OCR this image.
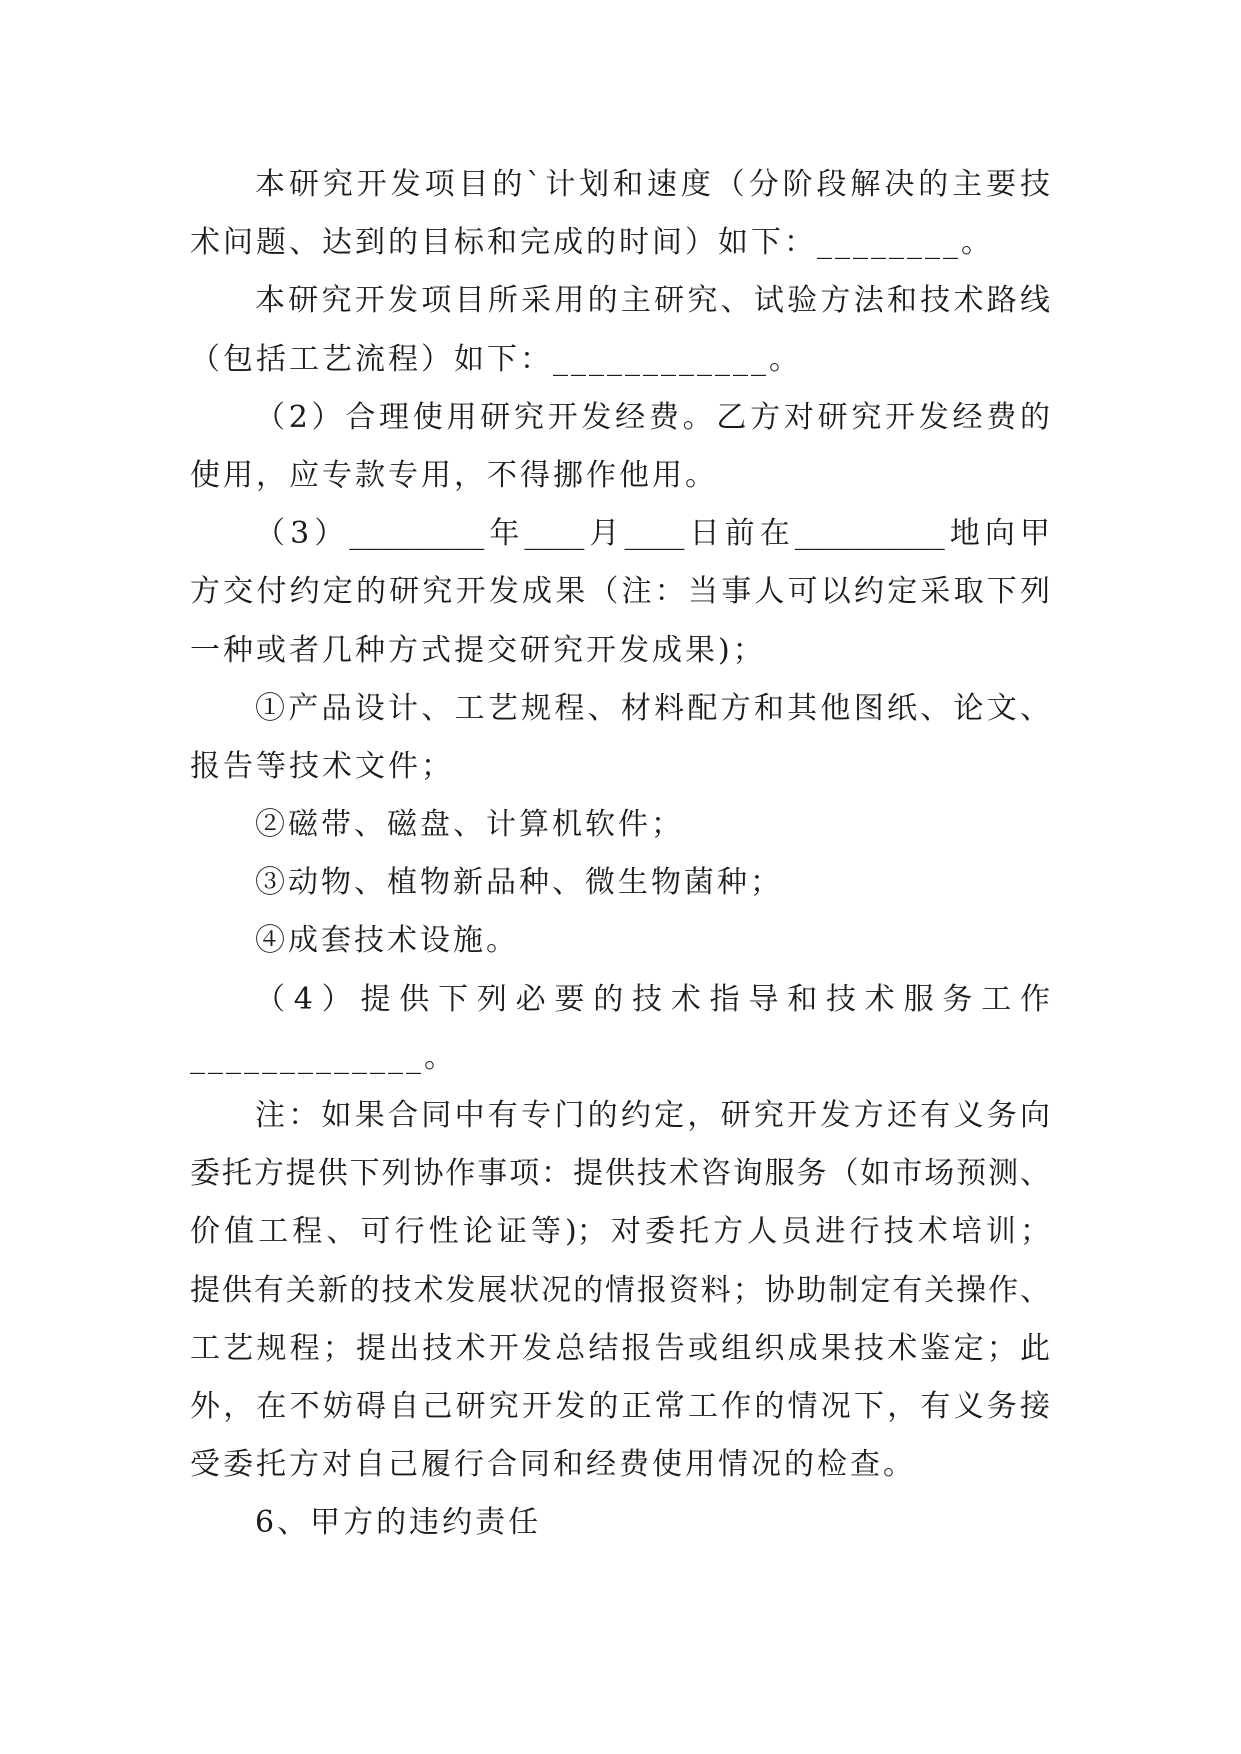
本研究开发项目的`计划和速度（分阶段解决的主要技
术问题、达到的目标和完成的时间）如下：________。
本研究开发项目所采用的主研究、试验方法和技术路线
（包括工艺流程）如下：____________。
（2）合理使用研究开发经费。乙方对研究开发经费的
使用，应专款专用，不得挪作他用。
（3）_________年____月____日前在__________地向甲
方交付约定的研究开发成果（注：当事人可以约定采取下列
一种或者几种方式提交研究开发成果)；
①产品设计、工艺规程、材料配方和其他图纸、论文、
报告等技术文件；
②磁带、磁盘、计算机软件；
③动物、植物新品种、微生物菌种；
④成套技术设施。
（4）提供下列必要的技术指导和技术服务工作
_____________。
注：如果合同中有专门的约定，研究开发方还有义务向
委托方提供下列协作事项：提供技术咨询服务（如市场预测、
价值工程、可行性论证等)；对委托方人员进行技术培训；
提供有关新的技术发展状况的情报资料；协助制定有关操作、
工艺规程；提出技术开发总结报告或组织成果技术鉴定；此
外，在不妨碍自己研究开发的正常工作的情况下，有义务接
受委托方对自己履行合同和经费使用情况的检查。
6、甲方的违约责任
